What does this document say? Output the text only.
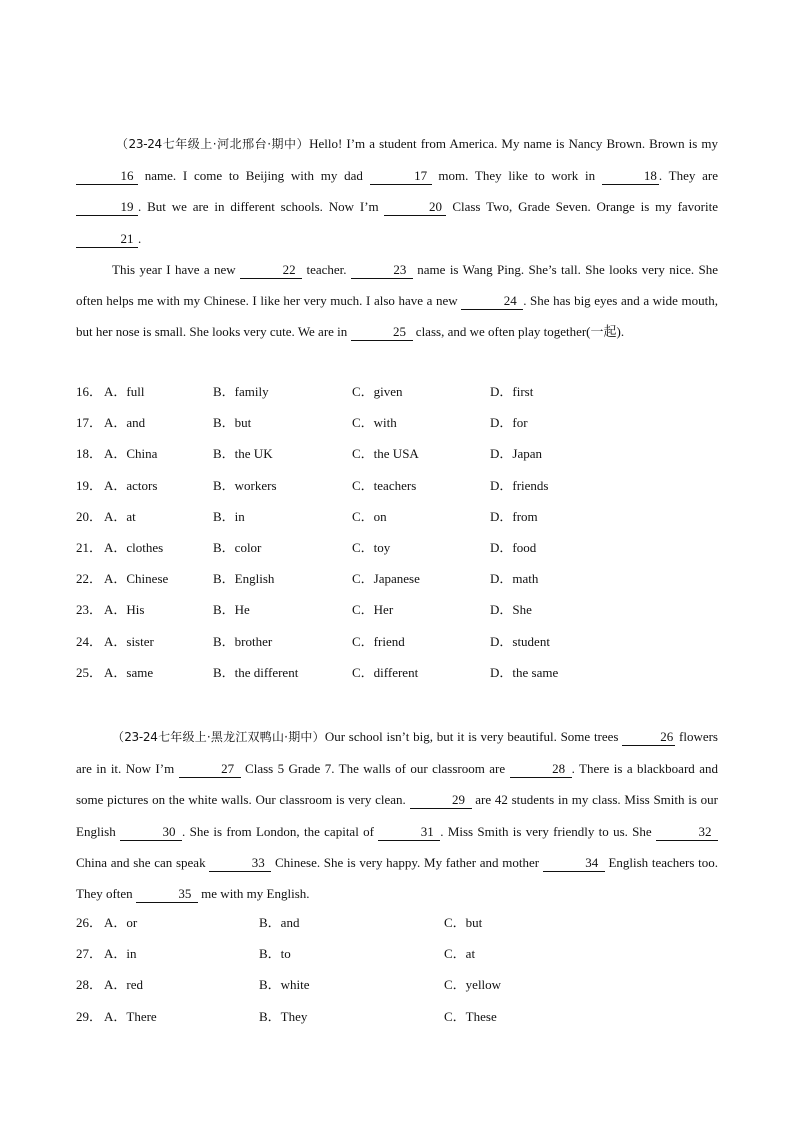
（23-24七年级上·河北邢台·期中）Hello! I’m a student from America. My name is Nancy Brown. Brown is my 16 name. I come to Beijing with my dad	17 mom. They like to work in	18 . They are 19 . But we are in different schools. Now I’m	20 Class Two, Grade Seven. Orange is my favorite 21 .

This year I have a new	22 teacher.	23 name is Wang Ping. She’s tall. She looks very nice. She often helps me with my Chinese. I like her very much. I also have a new	24 . She has big eyes and a wide mouth, but her nose is small. She looks very cute. We are in	25 class, and we often play together(一起).

16． A．full	B．family	C．given	D．first
17． A．and	B．but	C．with	D．for
18． A．China	B．the UK	C．the USA	D．Japan
19． A．actors	B．workers	C．teachers	D．friends
20． A．at	B．in	C．on	D．from
21． A．clothes	B．color	C．toy	D．food
22． A．Chinese	B．English	C．Japanese	D．math
23． A．His	B．He	C．Her	D．She
24． A．sister	B．brother	C．friend	D．student
25． A．same	B．the different	C．different	D．the same

（23-24七年级上·黑龙江双鸭山·期中）Our school isn’t big, but it is very beautiful. Some trees	26 flowers are in it. Now I’m	27 Class 5 Grade 7. The walls of our classroom are	28 . There is a blackboard and some pictures on the white walls. Our classroom is very clean.	29 are 42 students in my class. Miss Smith is our English	30 . She is from London, the capital of	31 . Miss Smith is very friendly to us. She	32 China and she can speak	33 Chinese. She is very happy. My father and mother	34 English teachers too. They often	35 me with my English.

26． A．or	B．and	C．but
27． A．in	B．to	C．at
28． A．red	B．white	C．yellow
29． A．There	B．They	C．These
